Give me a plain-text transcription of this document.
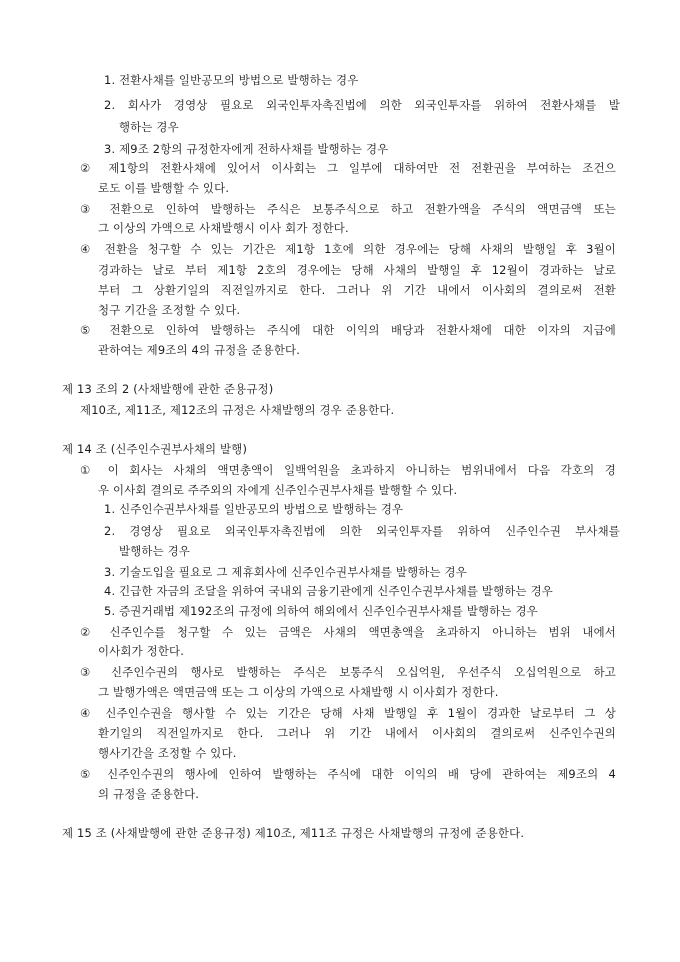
1. 전환사채를 일반공모의 방법으로 발행하는 경우
2. 회사가 경영상 필요로 외국인투자촉진법에 의한 외국인투자를 위하여 전환사채를 발
행하는 경우
3. 제9조 2항의 규정한자에게 전하사채를 발행하는 경우
② 제1항의 전환사채에 있어서 이사회는 그 일부에 대하여만 전 전환권을 부여하는 조건으
로도 이를 발행할 수 있다.
③ 전환으로 인하여 발행하는 주식은 보통주식으로 하고 전환가액을 주식의 액면금액 또는
그 이상의 가액으로 사채발행시 이사 회가 정한다.
④ 전환을 청구할 수 있는 기간은 제1항 1호에 의한 경우에는 당해 사채의 발행일 후 3월이
경과하는 날로 부터 제1항 2호의 경우에는 당해 사채의 발행일 후 12월이 경과하는 날로
부터 그 상환기일의 직전일까지로 한다. 그러나 위 기간 내에서 이사회의 결의로써 전환
청구 기간을 조정할 수 있다.
⑤ 전환으로 인하여 발행하는 주식에 대한 이익의 배당과 전환사채에 대한 이자의 지급에
관하여는 제9조의 4의 규정을 준용한다.
제 13 조의 2 (사채발행에 관한 준용규정)
제10조, 제11조, 제12조의 규정은 사채발행의 경우 준용한다.
제 14 조 (신주인수권부사채의 발행)
① 이 회사는 사채의 액면총액이 일백억원을 초과하지 아니하는 범위내에서 다음 각호의 경
우 이사회 결의로 주주외의 자에게 신주인수권부사채를 발행할 수 있다.
1. 신주인수권부사채를 일반공모의 방법으로 발행하는 경우
2. 경영상 필요로 외국인투자촉진법에 의한 외국인투자를 위하여 신주인수권 부사채를
발행하는 경우
3. 기술도입을 필요로 그 제휴회사에 신주인수권부사채를 발행하는 경우
4. 긴급한 자금의 조달을 위하여 국내외 금융기관에게 신주인수권부사채를 발행하는 경우
5. 증권거래법 제192조의 규정에 의하여 해외에서 신주인수권부사채를 발행하는 경우
② 신주인수를 청구할 수 있는 금액은 사채의 액면총액을 초과하지 아니하는 범위 내에서
이사회가 정한다.
③ 신주인수권의 행사로 발행하는 주식은 보통주식 오십억원, 우선주식 오십억원으로 하고
그 발행가액은 액면금액 또는 그 이상의 가액으로 사채발행 시 이사회가 정한다.
④ 신주인수권을 행사할 수 있는 기간은 당해 사채 발행일 후 1월이 경과한 날로부터 그 상
환기일의 직전일까지로 한다. 그러나 위 기간 내에서 이사회의 결의로써 신주인수권의
행사기간을 조정할 수 있다.
⑤ 신주인수권의 행사에 인하여 발행하는 주식에 대한 이익의 배 당에 관하여는 제9조의 4
의 규정을 준용한다.
제 15 조 (사채발행에 관한 준용규정) 제10조, 제11조 규정은 사채발행의 규정에 준용한다.
